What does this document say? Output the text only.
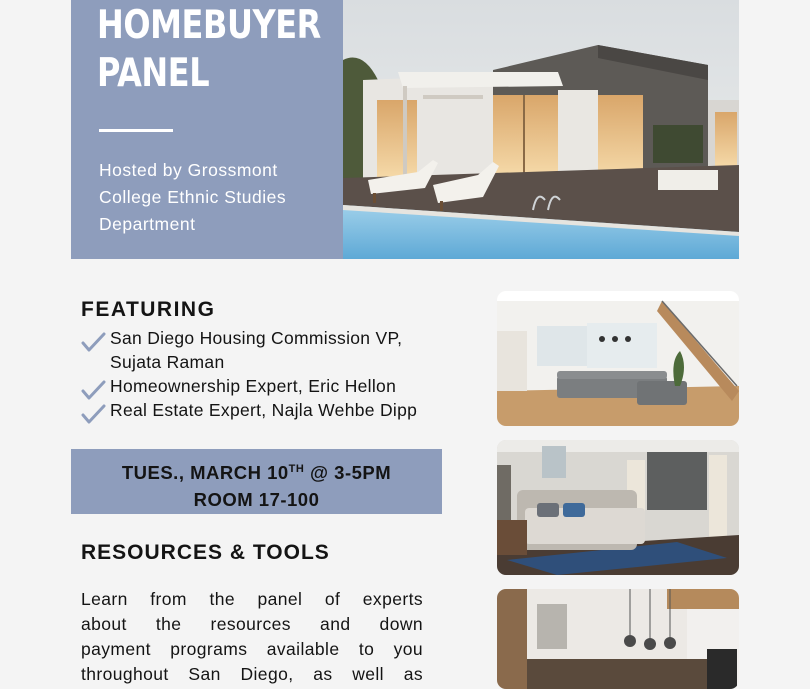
HOMEBUYER
PANEL
Hosted by Grossmont
College Ethnic Studies
Department
FEATURING
San Diego Housing Commission VP,
Sujata Raman
Homeownership Expert, Eric Hellon
Real Estate Expert, Najla Wehbe Dipp
TUES., MARCH 10TH @ 3-5PM
ROOM 17-100
RESOURCES & TOOLS
Learn from the panel of experts
about the resources and down
payment programs available to you
throughout San Diego, as well as
